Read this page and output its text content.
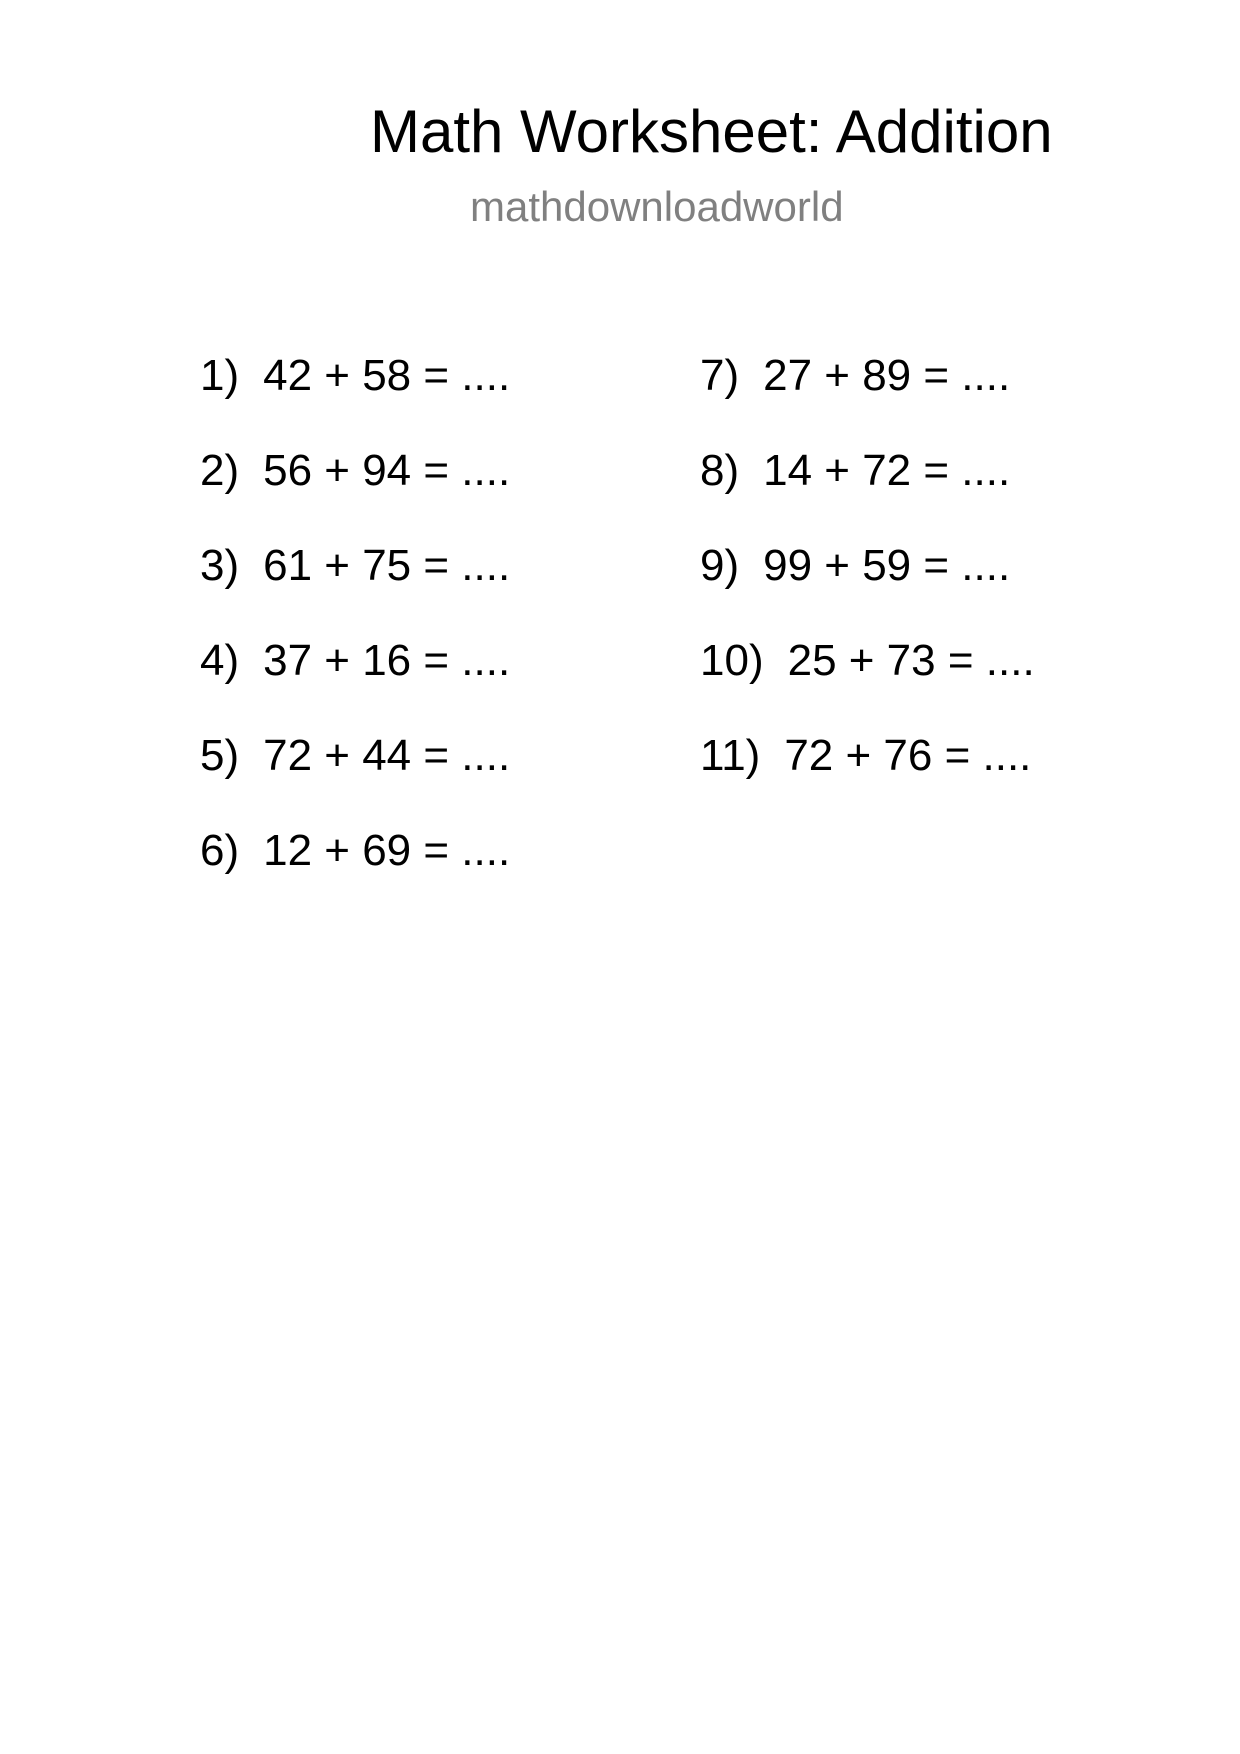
Math Worksheet: Addition
mathdownloadworld
1) 42 + 58 = ....
2) 56 + 94 = ....
3) 61 + 75 = ....
4) 37 + 16 = ....
5) 72 + 44 = ....
6) 12 + 69 = ....
7) 27 + 89 = ....
8) 14 + 72 = ....
9) 99 + 59 = ....
10) 25 + 73 = ....
11) 72 + 76 = ....
